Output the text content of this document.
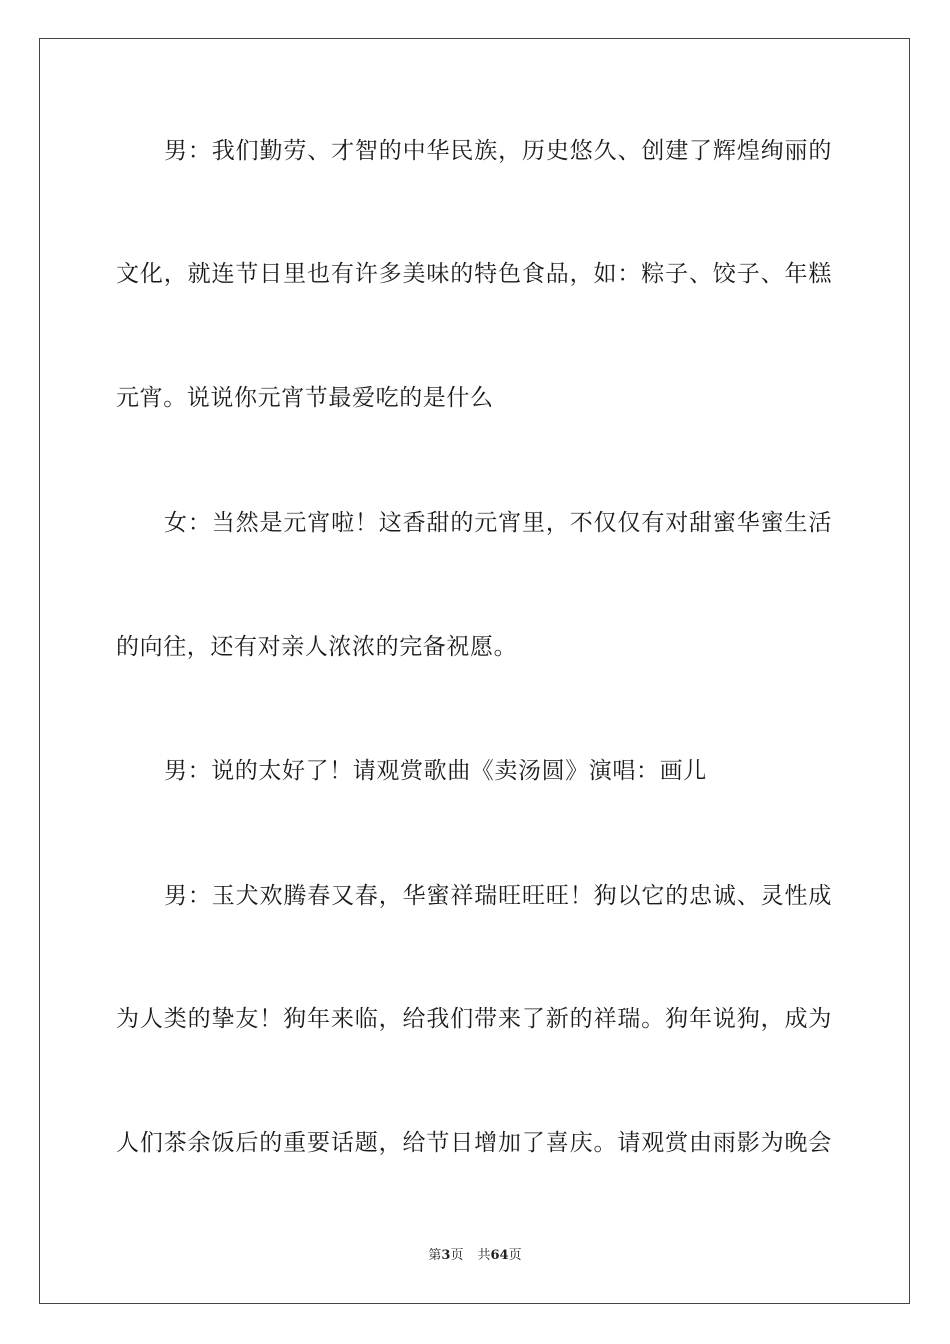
男：我们勤劳、才智的中华民族，历史悠久、创建了辉煌绚丽的
文化，就连节日里也有许多美味的特色食品，如：粽子、饺子、年糕
元宵。说说你元宵节最爱吃的是什么
女：当然是元宵啦！这香甜的元宵里，不仅仅有对甜蜜华蜜生活
的向往，还有对亲人浓浓的完备祝愿。
男：说的太好了！请观赏歌曲《卖汤圆》演唱：画儿
男：玉犬欢腾春又春，华蜜祥瑞旺旺旺！狗以它的忠诚、灵性成
为人类的挚友！狗年来临，给我们带来了新的祥瑞。狗年说狗，成为
人们茶余饭后的重要话题，给节日增加了喜庆。请观赏由雨影为晚会
第3页 共64页
